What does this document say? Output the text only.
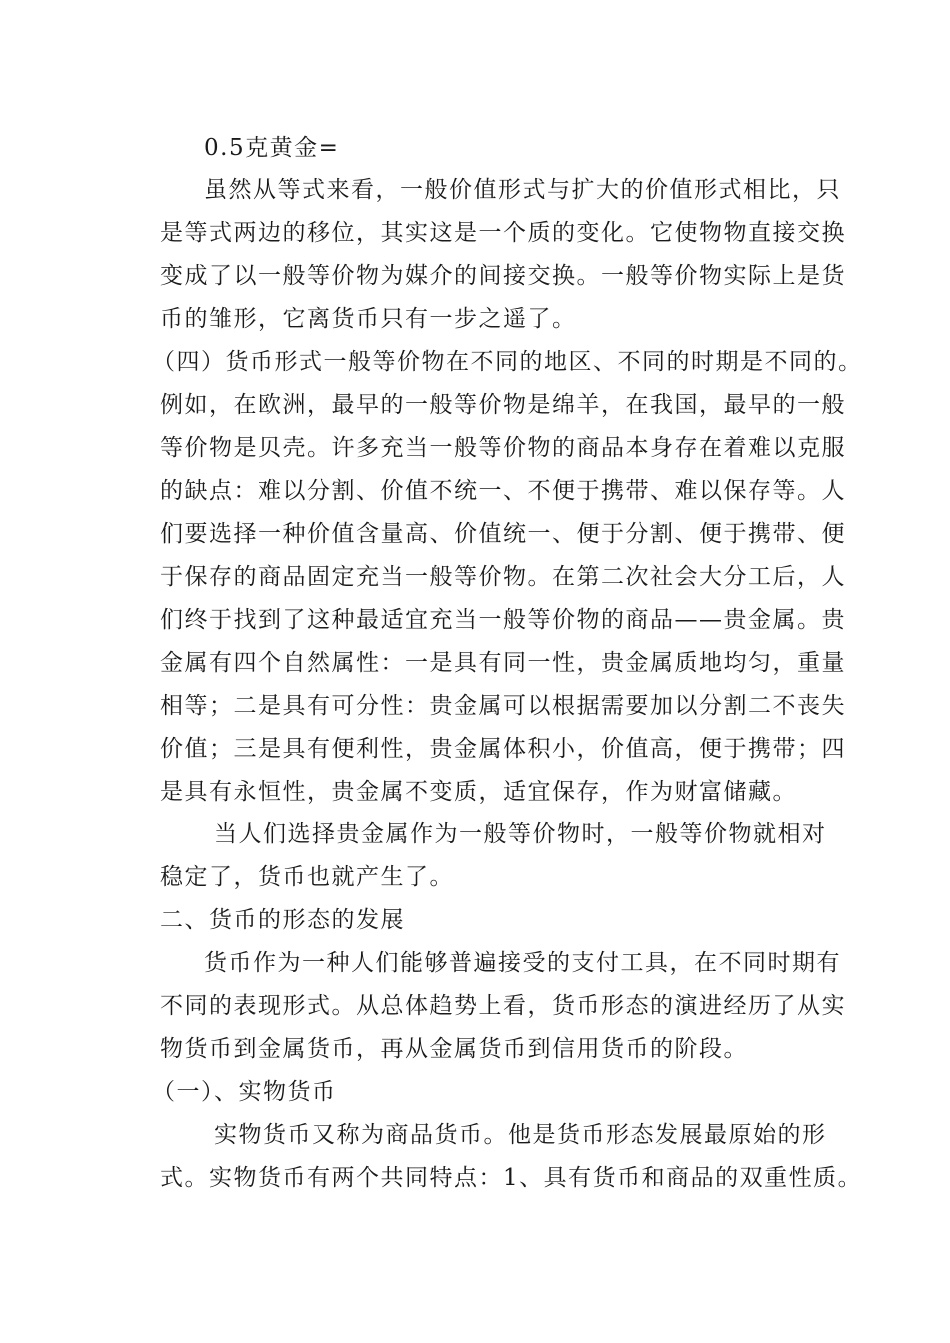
0.5克黄金=
虽然从等式来看，一般价值形式与扩大的价值形式相比，只
是等式两边的移位，其实这是一个质的变化。它使物物直接交换
变成了以一般等价物为媒介的间接交换。一般等价物实际上是货
币的雏形，它离货币只有一步之遥了。
（四）货币形式一般等价物在不同的地区、不同的时期是不同的。
例如，在欧洲，最早的一般等价物是绵羊，在我国，最早的一般
等价物是贝壳。许多充当一般等价物的商品本身存在着难以克服
的缺点：难以分割、价值不统一、不便于携带、难以保存等。人
们要选择一种价值含量高、价值统一、便于分割、便于携带、便
于保存的商品固定充当一般等价物。在第二次社会大分工后，人
们终于找到了这种最适宜充当一般等价物的商品——贵金属。贵
金属有四个自然属性：一是具有同一性，贵金属质地均匀，重量
相等；二是具有可分性：贵金属可以根据需要加以分割二不丧失
价值；三是具有便利性，贵金属体积小，价值高，便于携带；四
是具有永恒性，贵金属不变质，适宜保存，作为财富储藏。
当人们选择贵金属作为一般等价物时，一般等价物就相对
稳定了，货币也就产生了。
二、货币的形态的发展
货币作为一种人们能够普遍接受的支付工具，在不同时期有
不同的表现形式。从总体趋势上看，货币形态的演进经历了从实
物货币到金属货币，再从金属货币到信用货币的阶段。
（一）、实物货币
实物货币又称为商品货币。他是货币形态发展最原始的形
式。实物货币有两个共同特点：1、具有货币和商品的双重性质。
